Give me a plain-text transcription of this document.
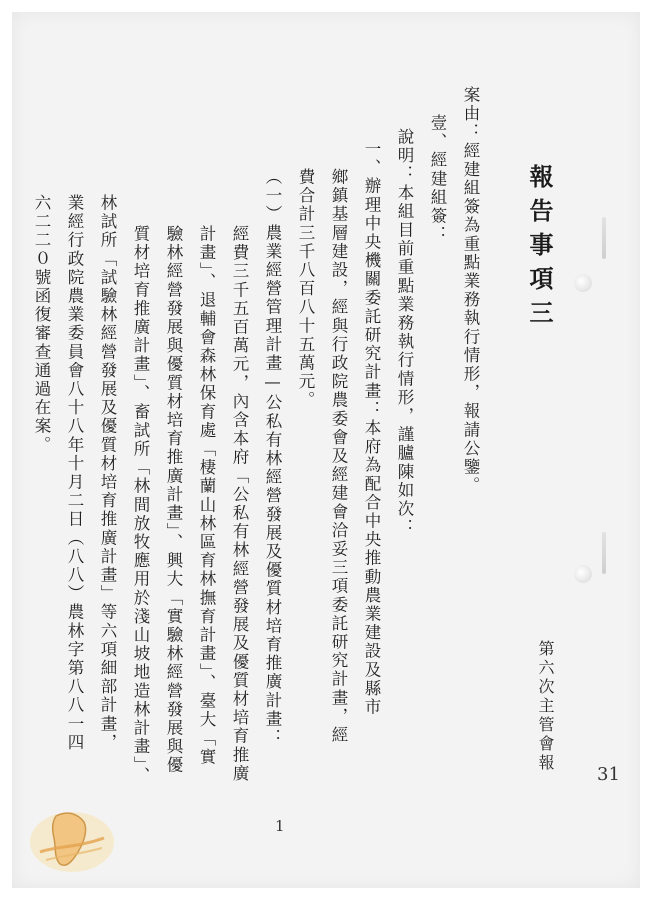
報告事項三
第六次主管會報
31
案由：經建組簽為重點業務執行情形，報請公鑒。
壹、經建組簽：
說明：本組目前重點業務執行情形，謹臚陳如次：
一、辦理中央機關委託研究計畫：本府為配合中央推動農業建設及縣市
鄉鎮基層建設，經與行政院農委會及經建會洽妥三項委託研究計畫，經
費合計三千八百八十五萬元。
（一）農業經營管理計畫—公私有林經營發展及優質材培育推廣計畫：
經費三千五百萬元，內含本府「公私有林經營發展及優質材培育推廣
計畫」、退輔會森林保育處「棲蘭山林區育林撫育計畫」、臺大「實
驗林經營發展與優質材培育推廣計畫」、興大「實驗林經營發展與優
質材培育推廣計畫」、畜試所「林間放牧應用於淺山坡地造林計畫」、
林試所「試驗林經營發展及優質材培育推廣計畫」等六項細部計畫，
業經行政院農業委員會八十八年十月二日（八八）農林字第八八一四
六二二０號函復審查通過在案。
1
